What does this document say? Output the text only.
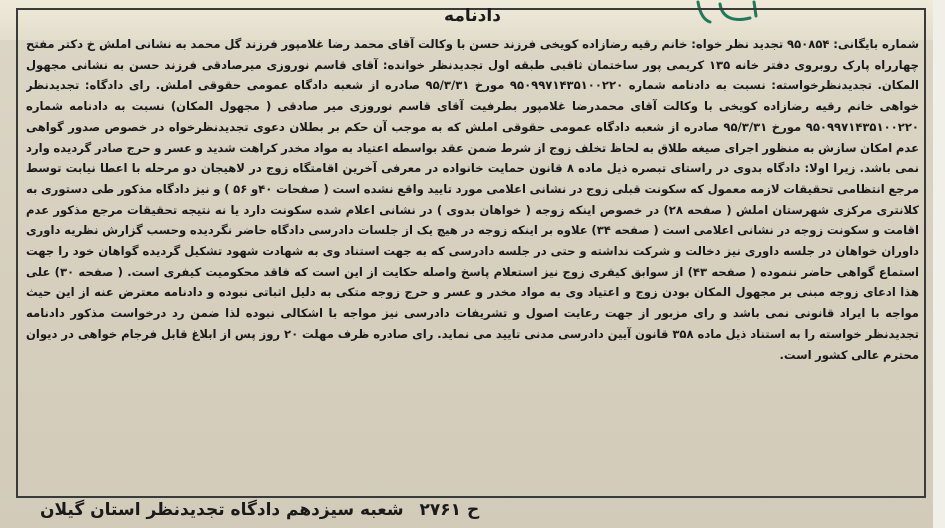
دادنامه
شماره بایگانی: ۹۵۰۸۵۴ تجدید نظر خواه: خانم رقیه رضازاده کویخی فرزند حسن با وکالت آقای محمد رضا غلامپور فرزند گل محمد به نشانی املش خ دکتر مفتح چهارراه پارک روبروی دفتر خانه ۱۳۵ کریمی پور ساختمان ثاقبی طبقه اول تجدیدنظر خوانده: آقای قاسم نوروزی میرصادقی فرزند حسن به نشانی مجهول المکان. تجدیدنظرخواسته: نسبت به دادنامه شماره ۹۵۰۹۹۷۱۴۳۵۱۰۰۲۲۰ مورخ ۹۵/۳/۳۱ صادره از شعبه دادگاه عمومی حقوقی املش. رای دادگاه: تجدیدنظر خواهی خانم رقیه رضازاده کویخی با وکالت آقای محمدرضا غلامپور بطرفیت آقای قاسم نوروزی میر صادقی ( مجهول المکان) نسبت به دادنامه شماره ۹۵۰۹۹۷۱۴۳۵۱۰۰۲۲۰ مورخ ۹۵/۳/۳۱ صادره از شعبه دادگاه عمومی حقوقی املش که به موجب آن حکم بر بطلان دعوی تجدیدنظرخواه در خصوص صدور گواهی عدم امکان سازش به منظور اجرای صیغه طلاق به لحاظ تخلف زوج از شرط ضمن عقد بواسطه اعتیاد به مواد مخدر کراهت شدید و عسر و حرج صادر گردیده وارد نمی باشد. زیرا اولا: دادگاه بدوی در راستای تبصره ذیل ماده ۸ قانون حمایت خانواده در معرفی آخرین اقامتگاه زوج در لاهیجان دو مرحله با اعطا نیابت توسط مرجع انتظامی تحقیقات لازمه معمول که سکونت قبلی زوج در نشانی اعلامی مورد تایید واقع نشده است ( صفحات ۴۰و ۵۶ ) و نیز دادگاه مذکور طی دستوری به کلانتری مرکزی شهرستان املش ( صفحه ۲۸) در خصوص اینکه زوجه ( خواهان بدوی ) در نشانی اعلام شده سکونت دارد یا نه نتیجه تحقیقات مرجع مذکور عدم اقامت و سکونت زوجه در نشانی اعلامی است ( صفحه ۳۴) علاوه بر اینکه زوجه در هیچ یک از جلسات دادرسی دادگاه حاضر نگردیده وحسب گزارش نظریه داوری داوران خواهان در جلسه داوری نیز دخالت و شرکت نداشته و حتی در جلسه دادرسی که به جهت استناد وی به شهادت شهود تشکیل گردیده گواهان خود را جهت استماع گواهی حاضر ننموده ( صفحه ۴۳) از سوابق کیفری زوج نیز استعلام پاسخ واصله حکایت از این است که فاقد محکومیت کیفری است. ( صفحه ۳۰) علی هذا ادعای زوجه مبنی بر مجهول المکان بودن زوج و اعتیاد وی به مواد مخدر و عسر و حرج زوجه متکی به دلیل اثباتی نبوده و دادنامه معترض عنه از این حیث مواجه با ایراد قانونی نمی باشد و رای مزبور از جهت رعایت اصول و تشریفات دادرسی نیز مواجه با اشکالی نبوده لذا ضمن رد درخواست مذکور دادنامه تجدیدنظر خواسته را به استناد ذیل ماده ۳۵۸ قانون آیین دادرسی مدنی تایید می نماید. رای صادره ظرف مهلت ۲۰ روز پس از ابلاغ قابل فرجام خواهی در دیوان محترم عالی کشور است.
ح ۲۷۶۱ شعبه سیزدهم دادگاه تجدیدنظر استان گیلان
